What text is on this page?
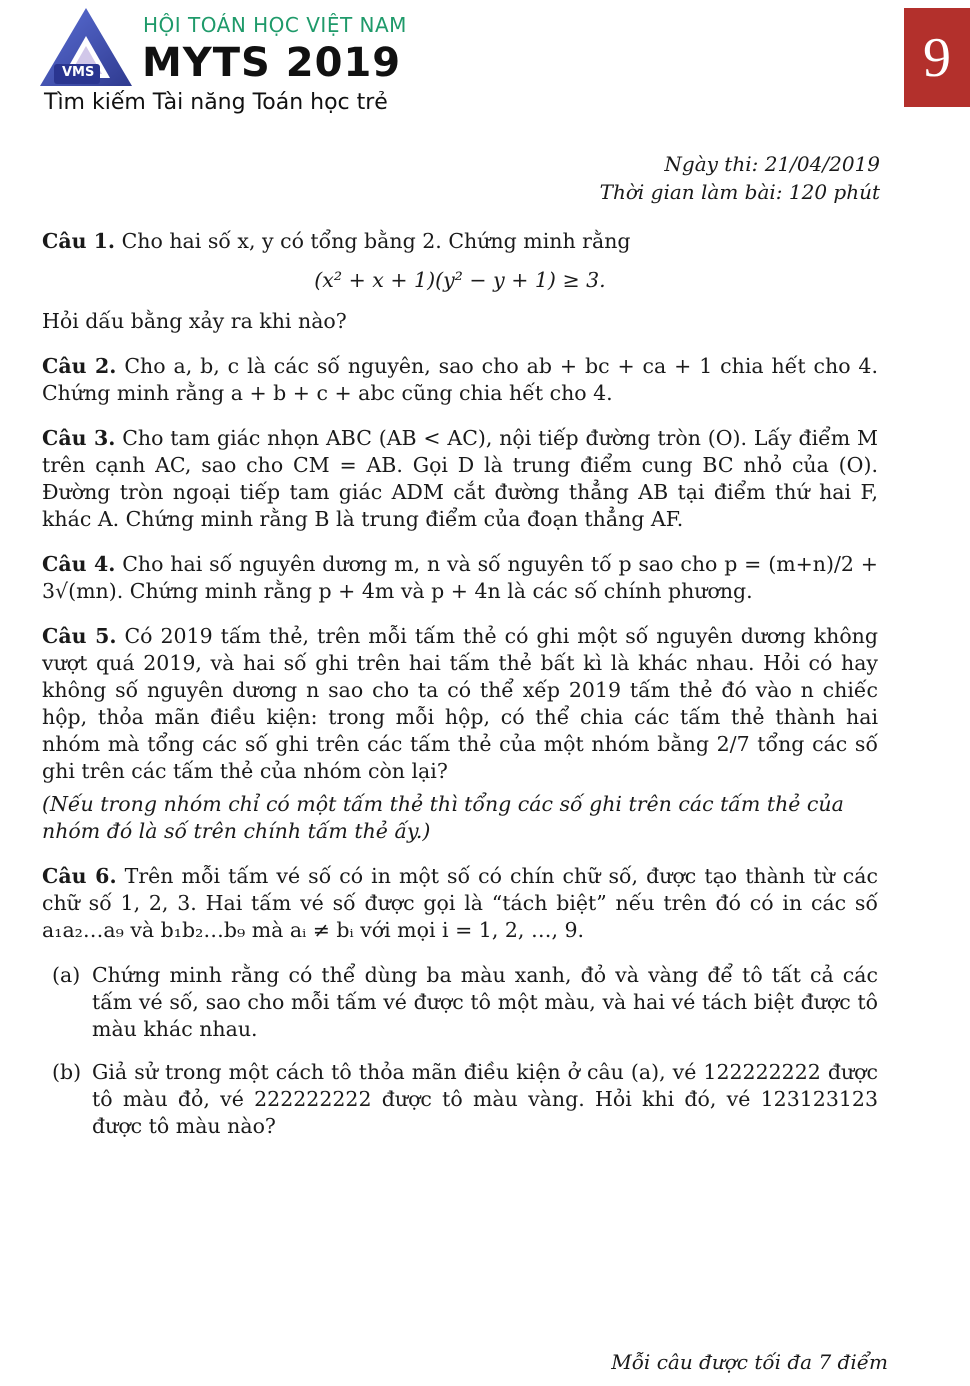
VMS
HỘI TOÁN HỌC VIỆT NAM
MYTS 2019
Tìm kiếm Tài năng Toán học trẻ
9
Ngày thi: 21/04/2019
Thời gian làm bài: 120 phút
Câu 1. Cho hai số x, y có tổng bằng 2. Chứng minh rằng
(x² + x + 1)(y² − y + 1) ≥ 3.
Hỏi dấu bằng xảy ra khi nào?
Câu 2. Cho a, b, c là các số nguyên, sao cho ab + bc + ca + 1 chia hết cho 4. Chứng minh rằng a + b + c + abc cũng chia hết cho 4.
Câu 3. Cho tam giác nhọn ABC (AB < AC), nội tiếp đường tròn (O). Lấy điểm M trên cạnh AC, sao cho CM = AB. Gọi D là trung điểm cung BC nhỏ của (O). Đường tròn ngoại tiếp tam giác ADM cắt đường thẳng AB tại điểm thứ hai F, khác A. Chứng minh rằng B là trung điểm của đoạn thẳng AF.
Câu 4. Cho hai số nguyên dương m, n và số nguyên tố p sao cho p = (m+n)/2 + 3√(mn). Chứng minh rằng p + 4m và p + 4n là các số chính phương.
Câu 5. Có 2019 tấm thẻ, trên mỗi tấm thẻ có ghi một số nguyên dương không vượt quá 2019, và hai số ghi trên hai tấm thẻ bất kì là khác nhau. Hỏi có hay không số nguyên dương n sao cho ta có thể xếp 2019 tấm thẻ đó vào n chiếc hộp, thỏa mãn điều kiện: trong mỗi hộp, có thể chia các tấm thẻ thành hai nhóm mà tổng các số ghi trên các tấm thẻ của một nhóm bằng 2/7 tổng các số ghi trên các tấm thẻ của nhóm còn lại?
(Nếu trong nhóm chỉ có một tấm thẻ thì tổng các số ghi trên các tấm thẻ của nhóm đó là số trên chính tấm thẻ ấy.)
Câu 6. Trên mỗi tấm vé số có in một số có chín chữ số, được tạo thành từ các chữ số 1, 2, 3. Hai tấm vé số được gọi là “tách biệt” nếu trên đó có in các số a₁a₂…a₉ và b₁b₂…b₉ mà aᵢ ≠ bᵢ với mọi i = 1, 2, …, 9.
(a) Chứng minh rằng có thể dùng ba màu xanh, đỏ và vàng để tô tất cả các tấm vé số, sao cho mỗi tấm vé được tô một màu, và hai vé tách biệt được tô màu khác nhau.
(b) Giả sử trong một cách tô thỏa mãn điều kiện ở câu (a), vé 122222222 được tô màu đỏ, vé 222222222 được tô màu vàng. Hỏi khi đó, vé 123123123 được tô màu nào?
Mỗi câu được tối đa 7 điểm
